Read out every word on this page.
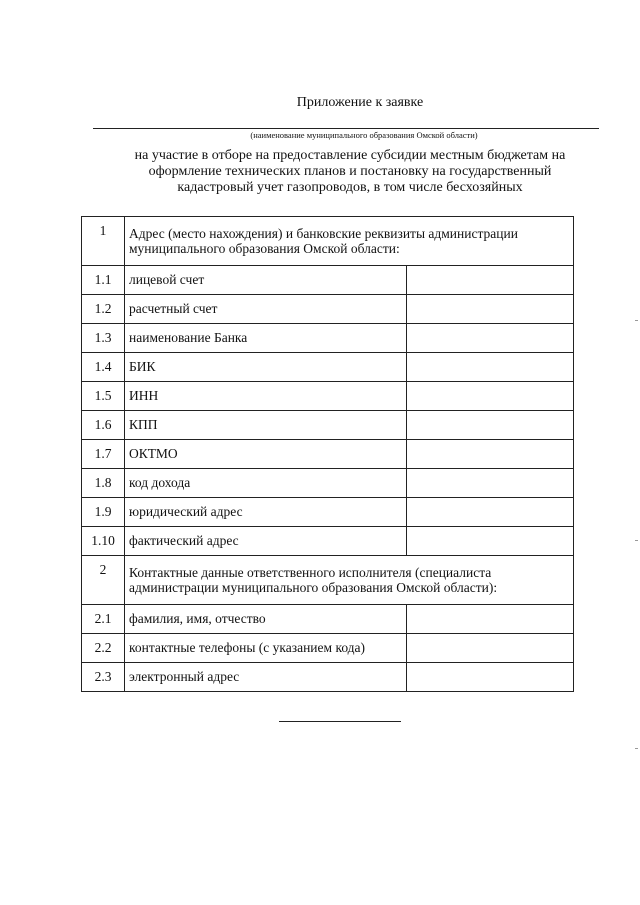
Приложение к заявке
(наименование муниципального образования Омской области)
на участие в отборе на предоставление субсидии местным бюджетам на
оформление технических планов и постановку на государственный
кадастровый учет газопроводов, в том числе бесхозяйных
1	Адрес (место нахождения) и банковские реквизиты администрации
муниципального образования Омской области:	

1.1	лицевой счет	
1.2	расчетный счет	
1.3	наименование Банка	
1.4	БИК	
1.5	ИНН	
1.6	КПП	
1.7	ОКТМО	
1.8	код дохода	
1.9	юридический адрес	
1.10	фактический адрес	
2	Контактные данные ответственного исполнителя (специалиста
администрации муниципального образования Омской области):	

2.1	фамилия, имя, отчество	
2.2	контактные телефоны (с указанием кода)	
2.3	электронный адрес	
